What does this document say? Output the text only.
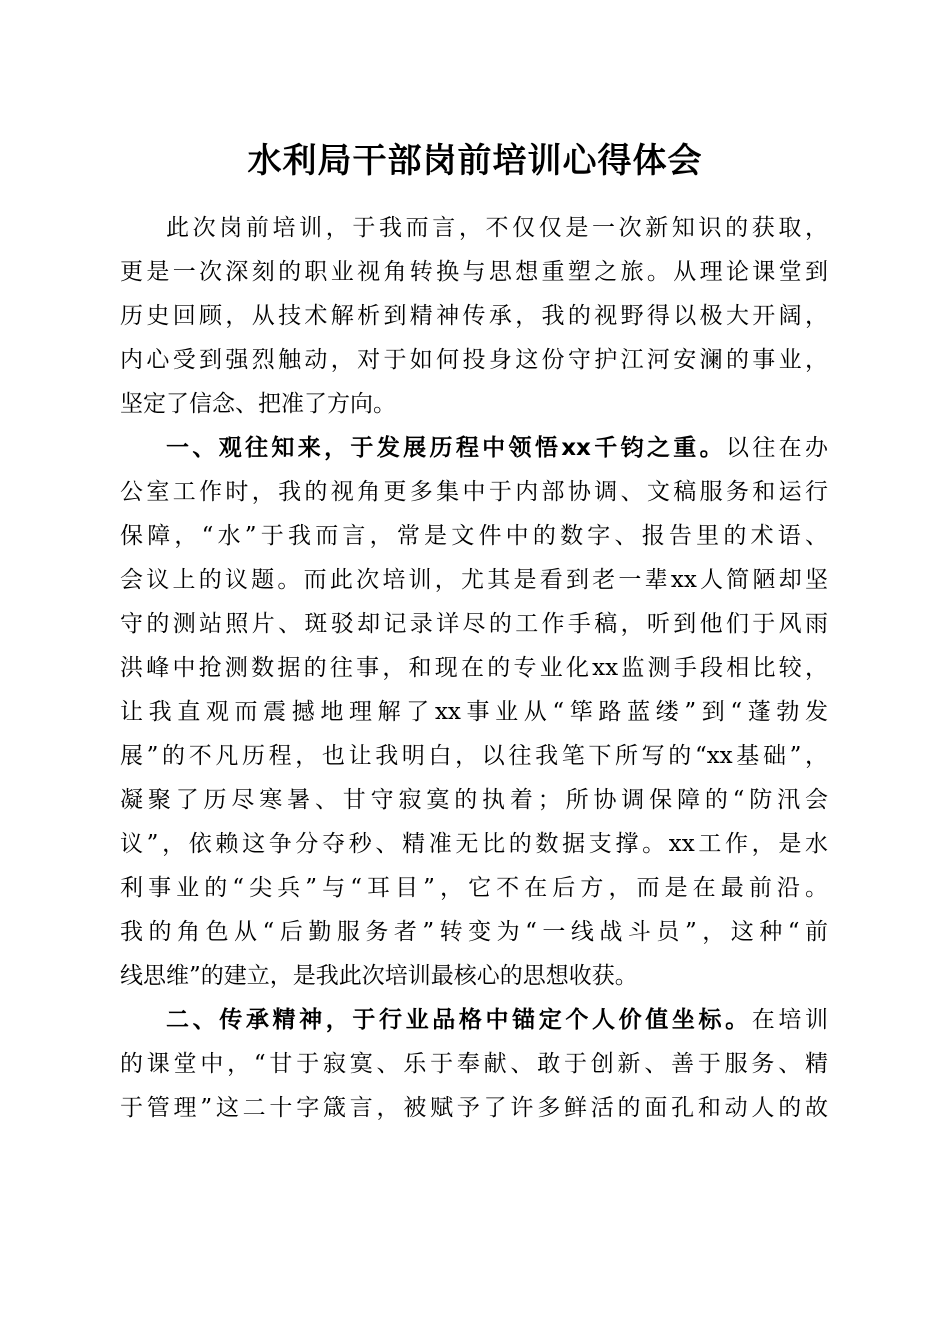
水利局干部岗前培训心得体会
此次岗前培训，于我而言，不仅仅是一次新知识的获取，
更是一次深刻的职业视角转换与思想重塑之旅。从理论课堂到
历史回顾，从技术解析到精神传承，我的视野得以极大开阔，
内心受到强烈触动，对于如何投身这份守护江河安澜的事业，
坚定了信念、把准了方向。
一、观往知来，于发展历程中领悟xx千钧之重。以往在办
公室工作时，我的视角更多集中于内部协调、文稿服务和运行
保障，“水”于我而言，常是文件中的数字、报告里的术语、
会议上的议题。而此次培训，尤其是看到老一辈xx人简陋却坚
守的测站照片、斑驳却记录详尽的工作手稿，听到他们于风雨
洪峰中抢测数据的往事，和现在的专业化xx监测手段相比较，
让我直观而震撼地理解了xx事业从“筚路蓝缕”到“蓬勃发
展”的不凡历程，也让我明白，以往我笔下所写的“xx基础”，
凝聚了历尽寒暑、甘守寂寞的执着；所协调保障的“防汛会
议”，依赖这争分夺秒、精准无比的数据支撑。xx工作，是水
利事业的“尖兵”与“耳目”，它不在后方，而是在最前沿。
我的角色从“后勤服务者”转变为“一线战斗员”，这种“前
线思维”的建立，是我此次培训最核心的思想收获。
二、传承精神，于行业品格中锚定个人价值坐标。在培训
的课堂中，“甘于寂寞、乐于奉献、敢于创新、善于服务、精
于管理”这二十字箴言，被赋予了许多鲜活的面孔和动人的故
